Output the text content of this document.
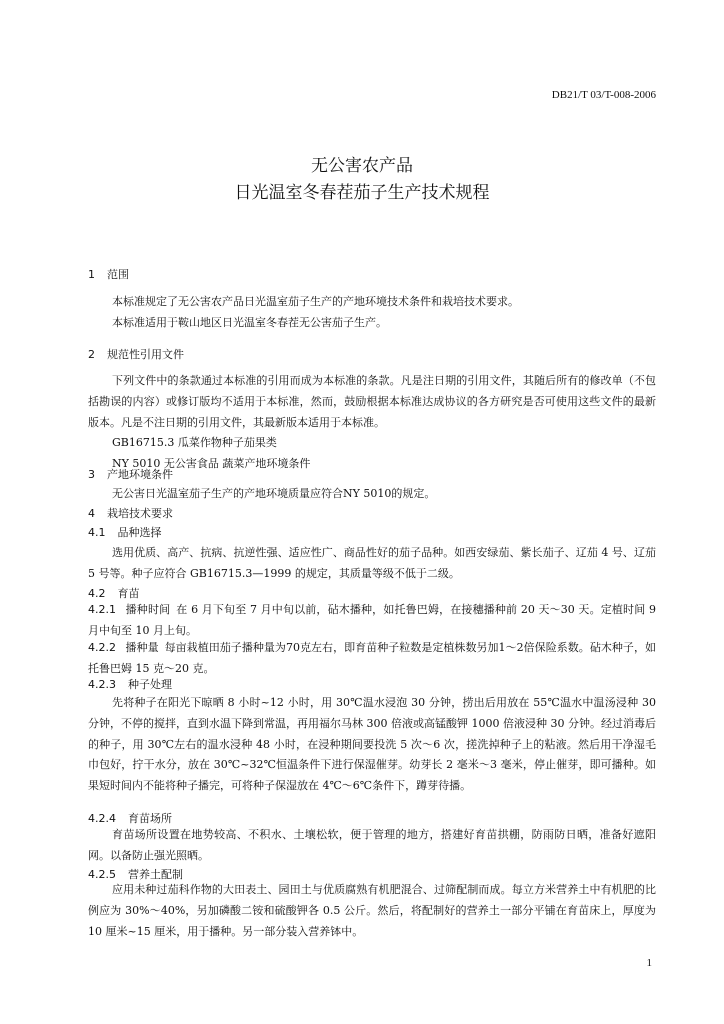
DB21/T 03/T-008-2006
无公害农产品
日光温室冬春茬茄子生产技术规程
1 范围

本标准规定了无公害农产品日光温室茄子生产的产地环境技术条件和栽培技术要求。

本标准适用于鞍山地区日光温室冬春茬无公害茄子生产。

2 规范性引用文件

下列文件中的条款通过本标准的引用而成为本标准的条款。凡是注日期的引用文件，其随后所有的修改单（不包括勘误的内容）或修订版均不适用于本标准，然而，鼓励根据本标准达成协议的各方研究是否可使用这些文件的最新版本。凡是不注日期的引用文件，其最新版本适用于本标准。

GB16715.3 瓜菜作物种子茄果类

NY 5010 无公害食品 蔬菜产地环境条件

3 产地环境条件

无公害日光温室茄子生产的产地环境质量应符合NY 5010的规定。

4 栽培技术要求
4.1 品种选择

选用优质、高产、抗病、抗逆性强、适应性广、商品性好的茄子品种。如西安绿茄、紫长茄子、辽茄 4 号、辽茄 5 号等。种子应符合 GB16715.3—1999 的规定，其质量等级不低于二级。

4.2 育苗

4.2.1 播种时间 在 6 月下旬至 7 月中旬以前，砧木播种，如托鲁巴姆，在接穗播种前 20 天～30 天。定植时间 9 月中旬至 10 月上旬。

4.2.2 播种量 每亩栽植田茄子播种量为70克左右，即育苗种子粒数是定植株数另加1～2倍保险系数。砧木种子，如托鲁巴姆 15 克～20 克。

4.2.3 种子处理

先将种子在阳光下晾晒 8 小时~12 小时，用 30℃温水浸泡 30 分钟，捞出后用放在 55℃温水中温汤浸种 30 分钟，不停的搅拌，直到水温下降到常温，再用福尔马林 300 倍液或高锰酸钾 1000 倍液浸种 30 分钟。经过消毒后的种子，用 30℃左右的温水浸种 48 小时，在浸种期间要投洗 5 次～6 次，搓洗掉种子上的粘液。然后用干净湿毛巾包好，拧干水分，放在 30℃~32℃恒温条件下进行保湿催芽。幼芽长 2 毫米～3 毫米，停止催芽，即可播种。如果短时间内不能将种子播完，可将种子保湿放在 4℃～6℃条件下，蹲芽待播。

4.2.4 育苗场所

育苗场所设置在地势较高、不积水、土壤松软，便于管理的地方，搭建好育苗拱棚，防雨防日晒，准备好遮阳网。以备防止强光照晒。

4.2.5 营养土配制

应用未种过茄科作物的大田表土、园田土与优质腐熟有机肥混合、过筛配制而成。每立方米营养土中有机肥的比例应为 30%～40%，另加磷酸二铵和硫酸钾各 0.5 公斤。然后，将配制好的营养土一部分平铺在育苗床上，厚度为 10 厘米~15 厘米，用于播种。另一部分装入营养钵中。

1
